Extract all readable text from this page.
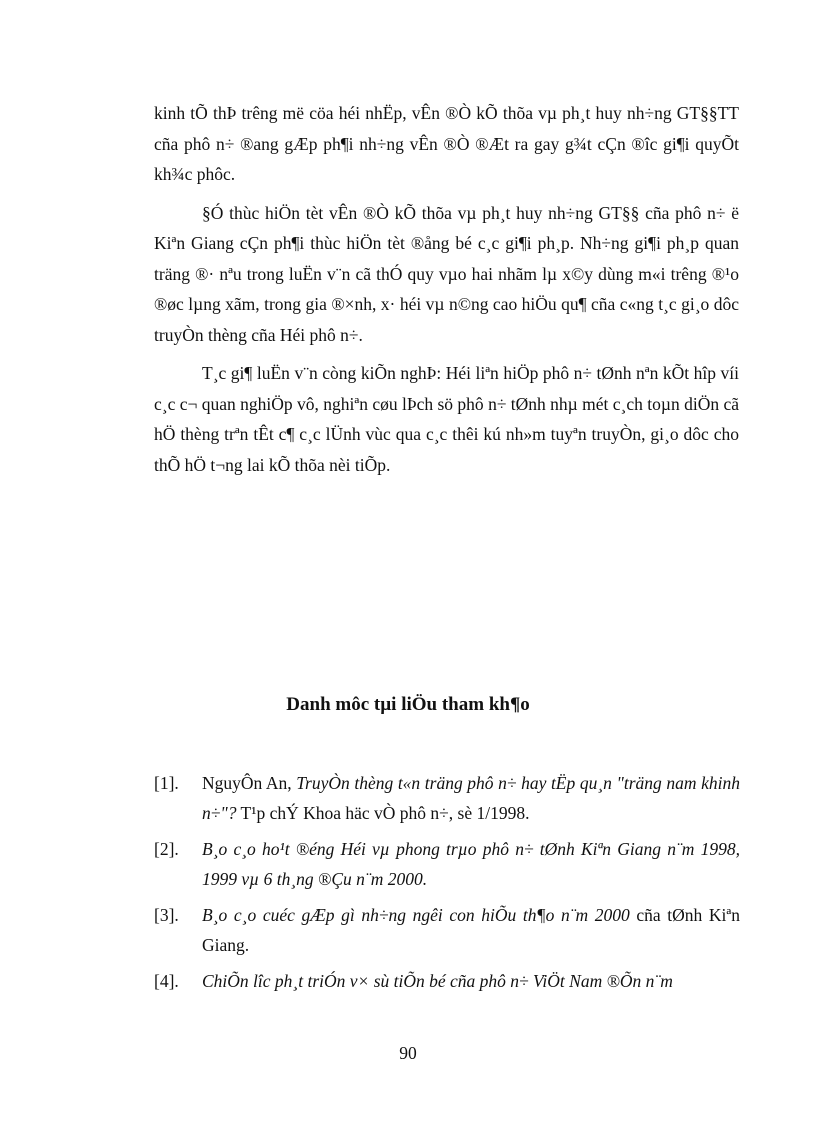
kinh tÕ thÞ trêng më cöa héi nhËp, vÊn ®Ò kÕ thõa vµ ph¸t huy nh÷ng GT§§TT cña phô n÷ ®ang gÆp ph¶i nh÷ng vÊn ®Ò ®Æt ra gay g¾t cÇn ®îc gi¶i quyÕt kh¾c phôc.

§Ó thùc hiÖn tèt vÊn ®Ò kÕ thõa vµ ph¸t huy nh÷ng GT§§ cña phô n÷ ë Kiªn Giang cÇn ph¶i thùc hiÖn tèt ®ång bé c¸c gi¶i ph¸p. Nh÷ng gi¶i ph¸p quan träng ®· nªu trong luËn v¨n cã thÓ quy vµo hai nhãm lµ x©y dùng m«i trêng ®¹o ®øc lµng xãm, trong gia ®×nh, x· héi vµ n©ng cao hiÖu qu¶ cña c«ng t¸c gi¸o dôc truyÒn thèng cña Héi phô n÷.

T¸c gi¶ luËn v¨n còng kiÕn nghÞ: Héi liªn hiÖp phô n÷ tØnh nªn kÕt hîp víi c¸c c¬ quan nghiÖp vô, nghiªn cøu lÞch sö phô n÷ tØnh nhµ mét c¸ch toµn diÖn cã hÖ thèng trªn tÊt c¶ c¸c lÜnh vùc qua c¸c thêi kú nh»m tuyªn truyÒn, gi¸o dôc cho thÕ hÖ t¬ng lai kÕ thõa nèi tiÕp.

Danh môc tµi liÖu tham kh¶o
[1].	NguyÔn An, TruyÒn thèng t«n träng phô n÷ hay tËp qu¸n "träng nam khinh n÷"? T¹p chÝ Khoa häc vÒ phô n÷, sè 1/1998.
[2].	B¸o c¸o ho¹t ®éng Héi vµ phong trµo phô n÷ tØnh Kiªn Giang n¨m 1998, 1999 vµ 6 th¸ng ®Çu n¨m 2000.
[3].	B¸o c¸o cuéc gÆp gì nh÷ng ngêi con hiÕu th¶o n¨m 2000 cña tØnh Kiªn Giang.
[4].	ChiÕn lîc ph¸t triÓn v× sù tiÕn bé cña phô n÷ ViÖt Nam ®Õn n¨m
90
